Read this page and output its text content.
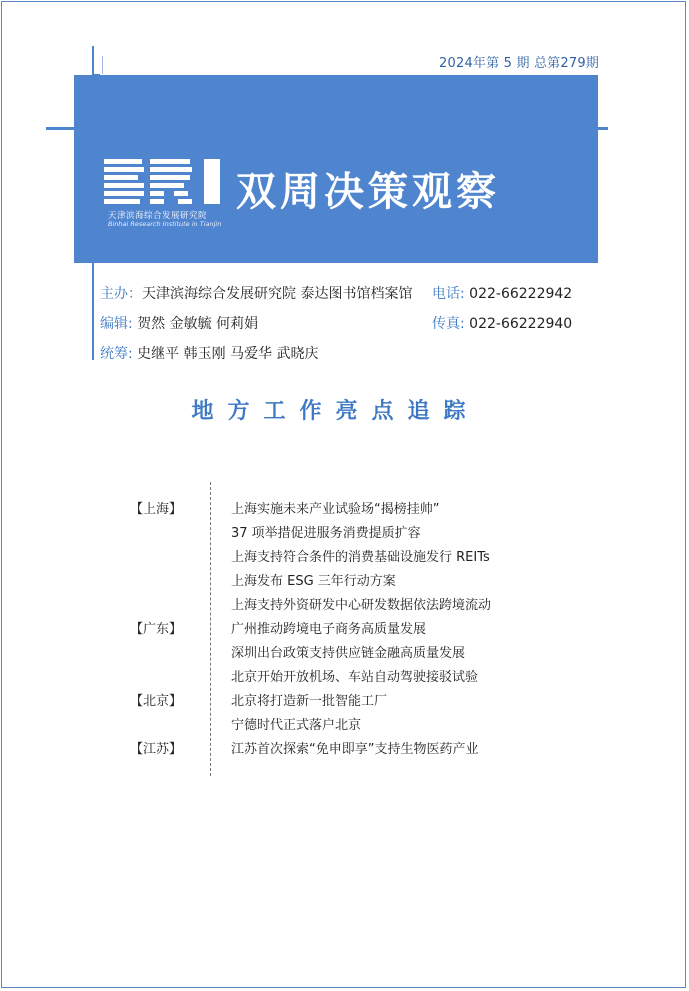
2024年第 5 期 总第279期
天津滨海综合发展研究院
Binhai Research Institute in Tianjin
双周决策观察
主办：天津滨海综合发展研究院 泰达图书馆档案馆 电话: 022-66222942
编辑: 贺然 金敏毓 何莉娟	传真: 022-66222940
统筹: 史继平 韩玉刚 马爱华 武晓庆
地方工作亮点追踪
【上海】
【广东】
【北京】
【江苏】
上海实施未来产业试验场“揭榜挂帅”
37 项举措促进服务消费提质扩容
上海支持符合条件的消费基础设施发行 REITs
上海发布 ESG 三年行动方案
上海支持外资研发中心研发数据依法跨境流动
广州推动跨境电子商务高质量发展
深圳出台政策支持供应链金融高质量发展
北京开始开放机场、车站自动驾驶接驳试验
北京将打造新一批智能工厂
宁德时代正式落户北京
江苏首次探索“免申即享”支持生物医药产业
